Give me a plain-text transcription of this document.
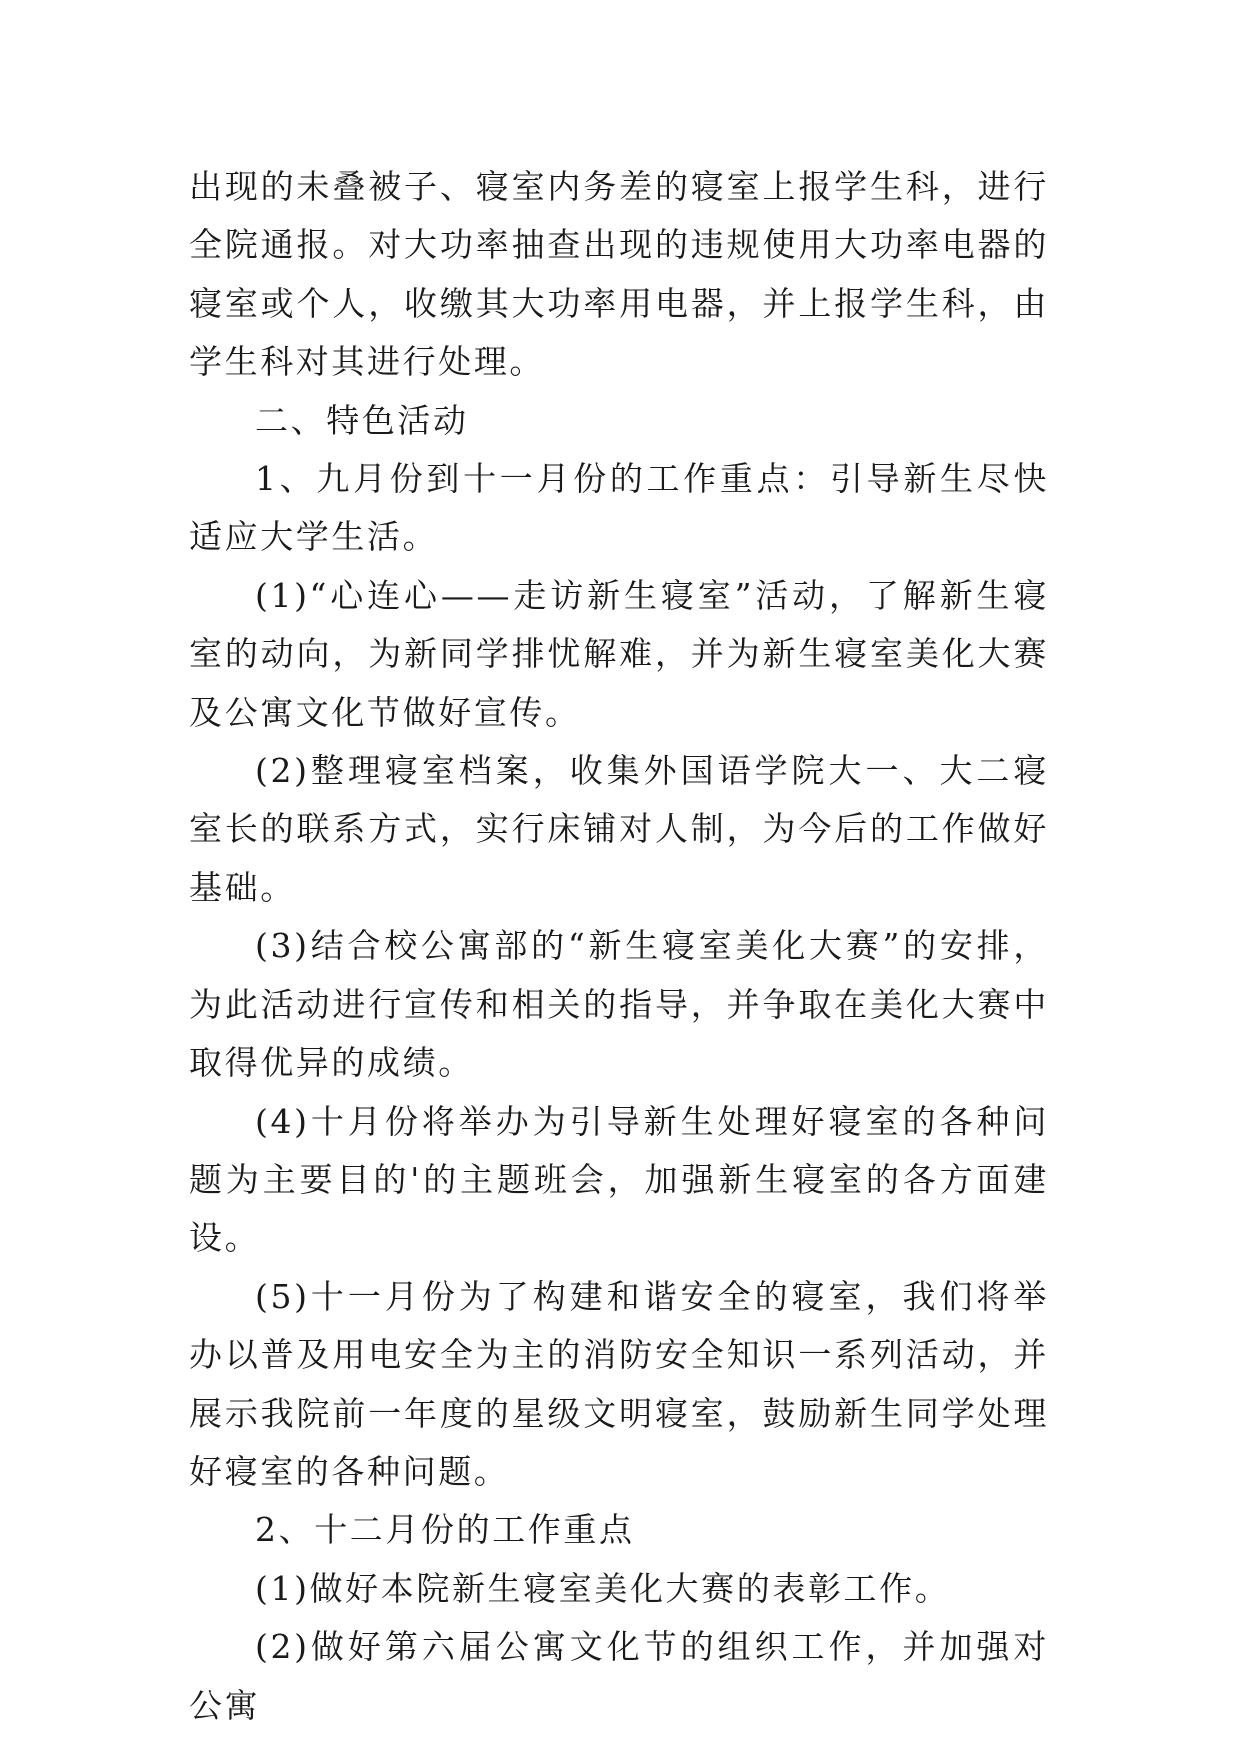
出现的未叠被子、寝室内务差的寝室上报学生科，进行全院通报。对大功率抽查出现的违规使用大功率电器的寝室或个人，收缴其大功率用电器，并上报学生科，由学生科对其进行处理。

二、特色活动

1、九月份到十一月份的工作重点：引导新生尽快适应大学生活。

(1)“心连心——走访新生寝室”活动，了解新生寝室的动向，为新同学排忧解难，并为新生寝室美化大赛及公寓文化节做好宣传。

(2)整理寝室档案，收集外国语学院大一、大二寝室长的联系方式，实行床铺对人制，为今后的工作做好基础。

(3)结合校公寓部的“新生寝室美化大赛”的安排，为此活动进行宣传和相关的指导，并争取在美化大赛中取得优异的成绩。

(4)十月份将举办为引导新生处理好寝室的各种问题为主要目的'的主题班会，加强新生寝室的各方面建设。

(5)十一月份为了构建和谐安全的寝室，我们将举办以普及用电安全为主的消防安全知识一系列活动，并展示我院前一年度的星级文明寝室，鼓励新生同学处理好寝室的各种问题。

2、十二月份的工作重点

(1)做好本院新生寝室美化大赛的表彰工作。

(2)做好第六届公寓文化节的组织工作，并加强对公寓
